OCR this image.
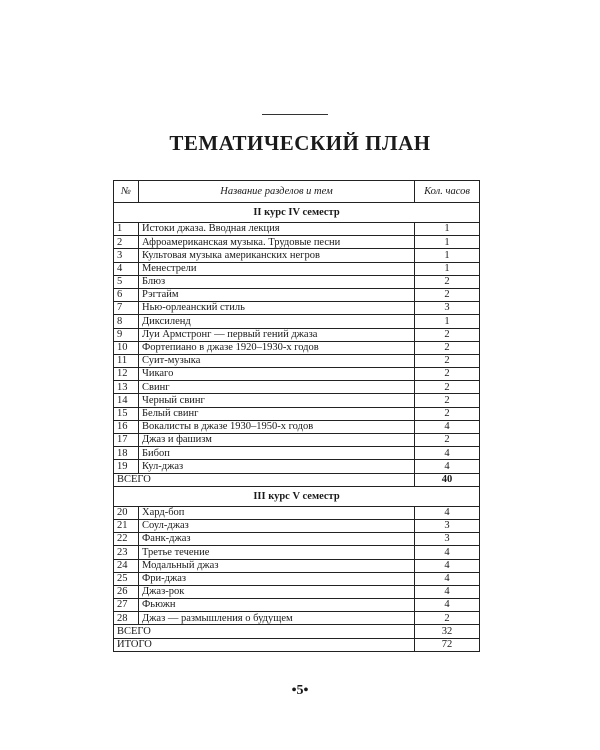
ТЕМАТИЧЕСКИЙ ПЛАН
№	Название разделов и тем	Кол. часов
II курс IV семестр		
1	Истоки джаза. Вводная лекция	1
2	Афроамериканская музыка. Трудовые песни	1
3	Культовая музыка американских негров	1
4	Менестрели	1
5	Блюз	2
6	Рэгтайм	2
7	Нью-орлеанский стиль	3
8	Диксиленд	1
9	Луи Армстронг — первый гений джаза	2
10	Фортепиано в джазе 1920–1930-х годов	2
11	Суит-музыка	2
12	Чикаго	2
13	Свинг	2
14	Черный свинг	2
15	Белый свинг	2
16	Вокалисты в джазе 1930–1950-х годов	4
17	Джаз и фашизм	2
18	Бибоп	4
19	Кул-джаз	4
ВСЕГО		40
III курс V семестр		
20	Хард-боп	4
21	Соул-джаз	3
22	Фанк-джаз	3
23	Третье течение	4
24	Модальный джаз	4
25	Фри-джаз	4
26	Джаз-рок	4
27	Фьюжн	4
28	Джаз — размышления о будущем	2
ВСЕГО		32
ИТОГО		72
•5•
